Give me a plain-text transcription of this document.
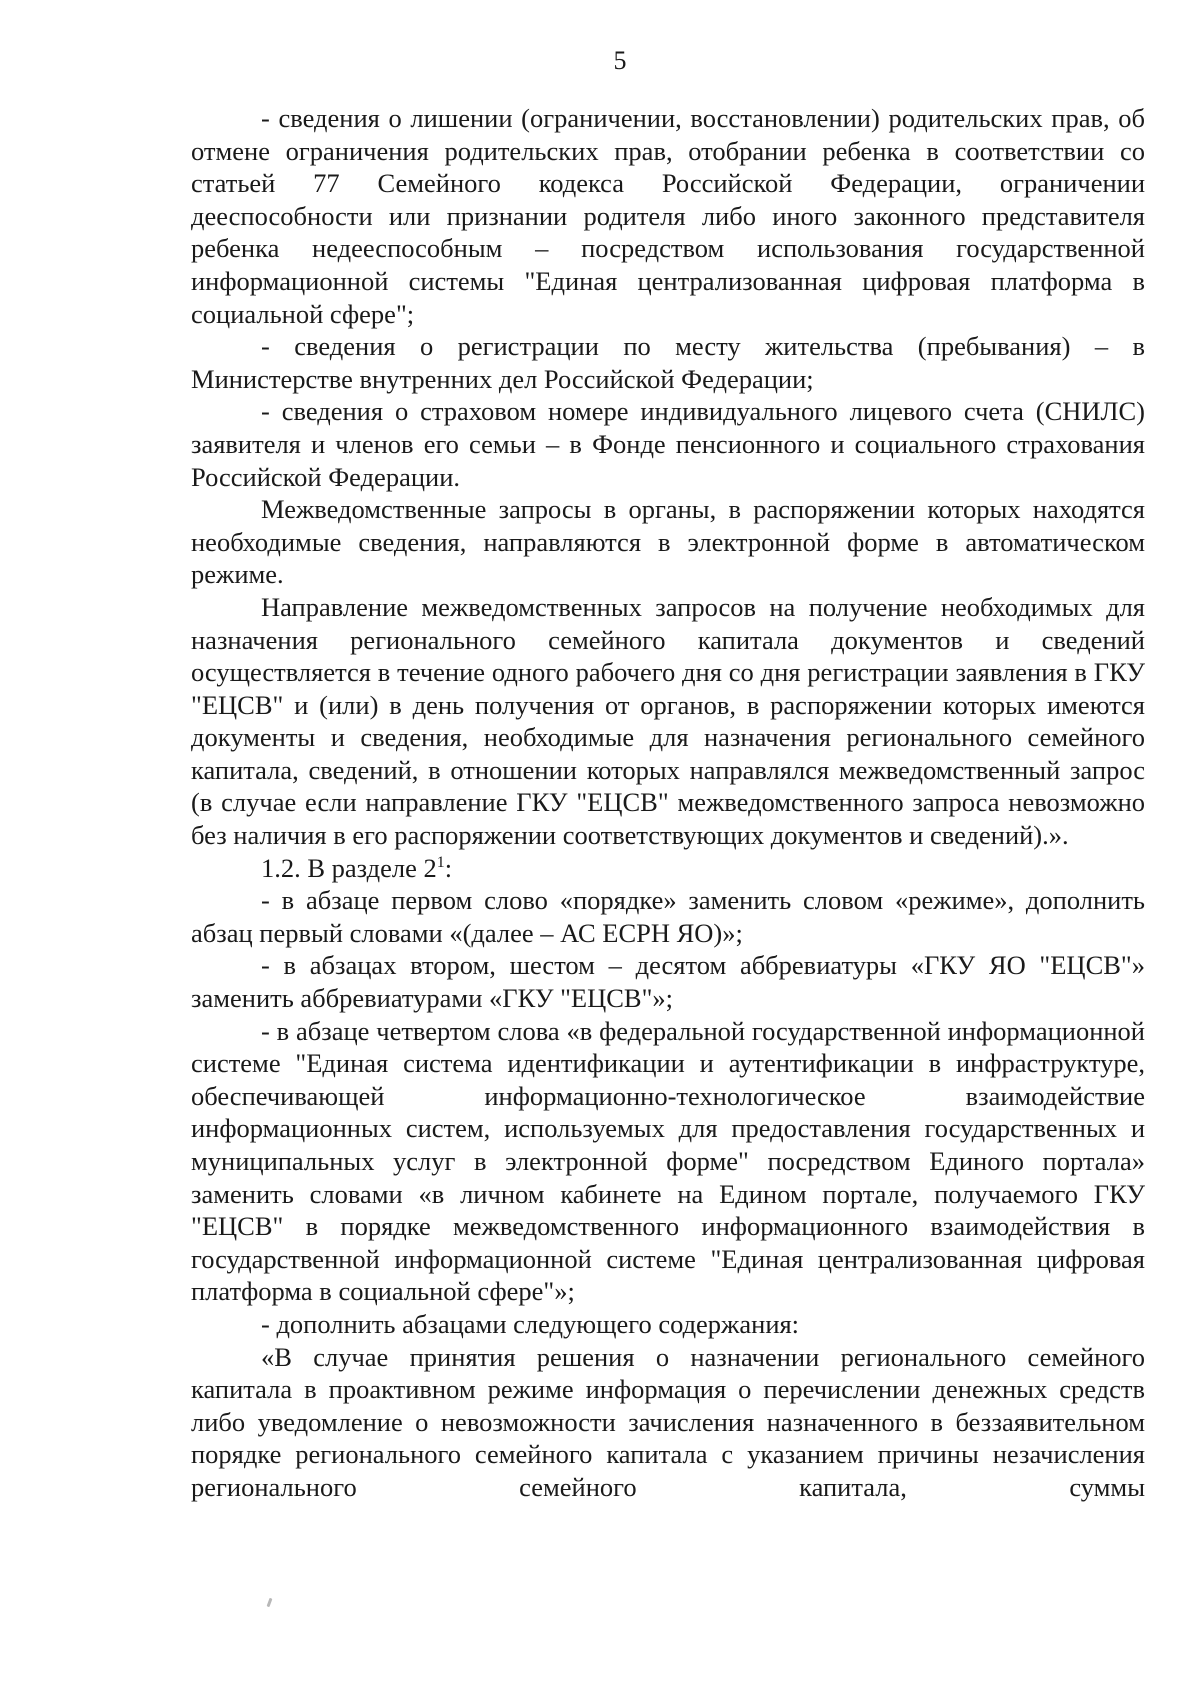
5

- сведения о лишении (ограничении, восстановлении) родительских прав, об отмене ограничения родительских прав, отобрании ребенка в соответствии со статьей 77 Семейного кодекса Российской Федерации, ограничении дееспособности или признании родителя либо иного законного представителя ребенка недееспособным – посредством использования государственной информационной системы "Единая централизованная цифровая платформа в социальной сфере";

- сведения о регистрации по месту жительства (пребывания) – в Министерстве внутренних дел Российской Федерации;

- сведения о страховом номере индивидуального лицевого счета (СНИЛС) заявителя и членов его семьи – в Фонде пенсионного и социального страхования Российской Федерации.

Межведомственные запросы в органы, в распоряжении которых находятся необходимые сведения, направляются в электронной форме в автоматическом режиме.

Направление межведомственных запросов на получение необходимых для назначения регионального семейного капитала документов и сведений осуществляется в течение одного рабочего дня со дня регистрации заявления в ГКУ "ЕЦСВ" и (или) в день получения от органов, в распоряжении которых имеются документы и сведения, необходимые для назначения регионального семейного капитала, сведений, в отношении которых направлялся межведомственный запрос (в случае если направление ГКУ "ЕЦСВ" межведомственного запроса невозможно без наличия в его распоряжении соответствующих документов и сведений).».

1.2. В разделе $2^1$:

- в абзаце первом слово «порядке» заменить словом «режиме», дополнить абзац первый словами «(далее – АС ЕСРН ЯО)»;

- в абзацах втором, шестом – десятом аббревиатуры «ГКУ ЯО "ЕЦСВ"» заменить аббревиатурами «ГКУ "ЕЦСВ"»;

- в абзаце четвертом слова «в федеральной государственной информационной системе "Единая система идентификации и аутентификации в инфраструктуре, обеспечивающей информационно-технологическое взаимодействие информационных систем, используемых для предоставления государственных и муниципальных услуг в электронной форме" посредством Единого портала» заменить словами «в личном кабинете на Едином портале, получаемого ГКУ "ЕЦСВ" в порядке межведомственного информационного взаимодействия в государственной информационной системе "Единая централизованная цифровая платформа в социальной сфере"»;

- дополнить абзацами следующего содержания:

«В случае принятия решения о назначении регионального семейного капитала в проактивном режиме информация о перечислении денежных средств либо уведомление о невозможности зачисления назначенного в беззаявительном порядке регионального семейного капитала с указанием причины незачисления регионального семейного капитала, суммы
